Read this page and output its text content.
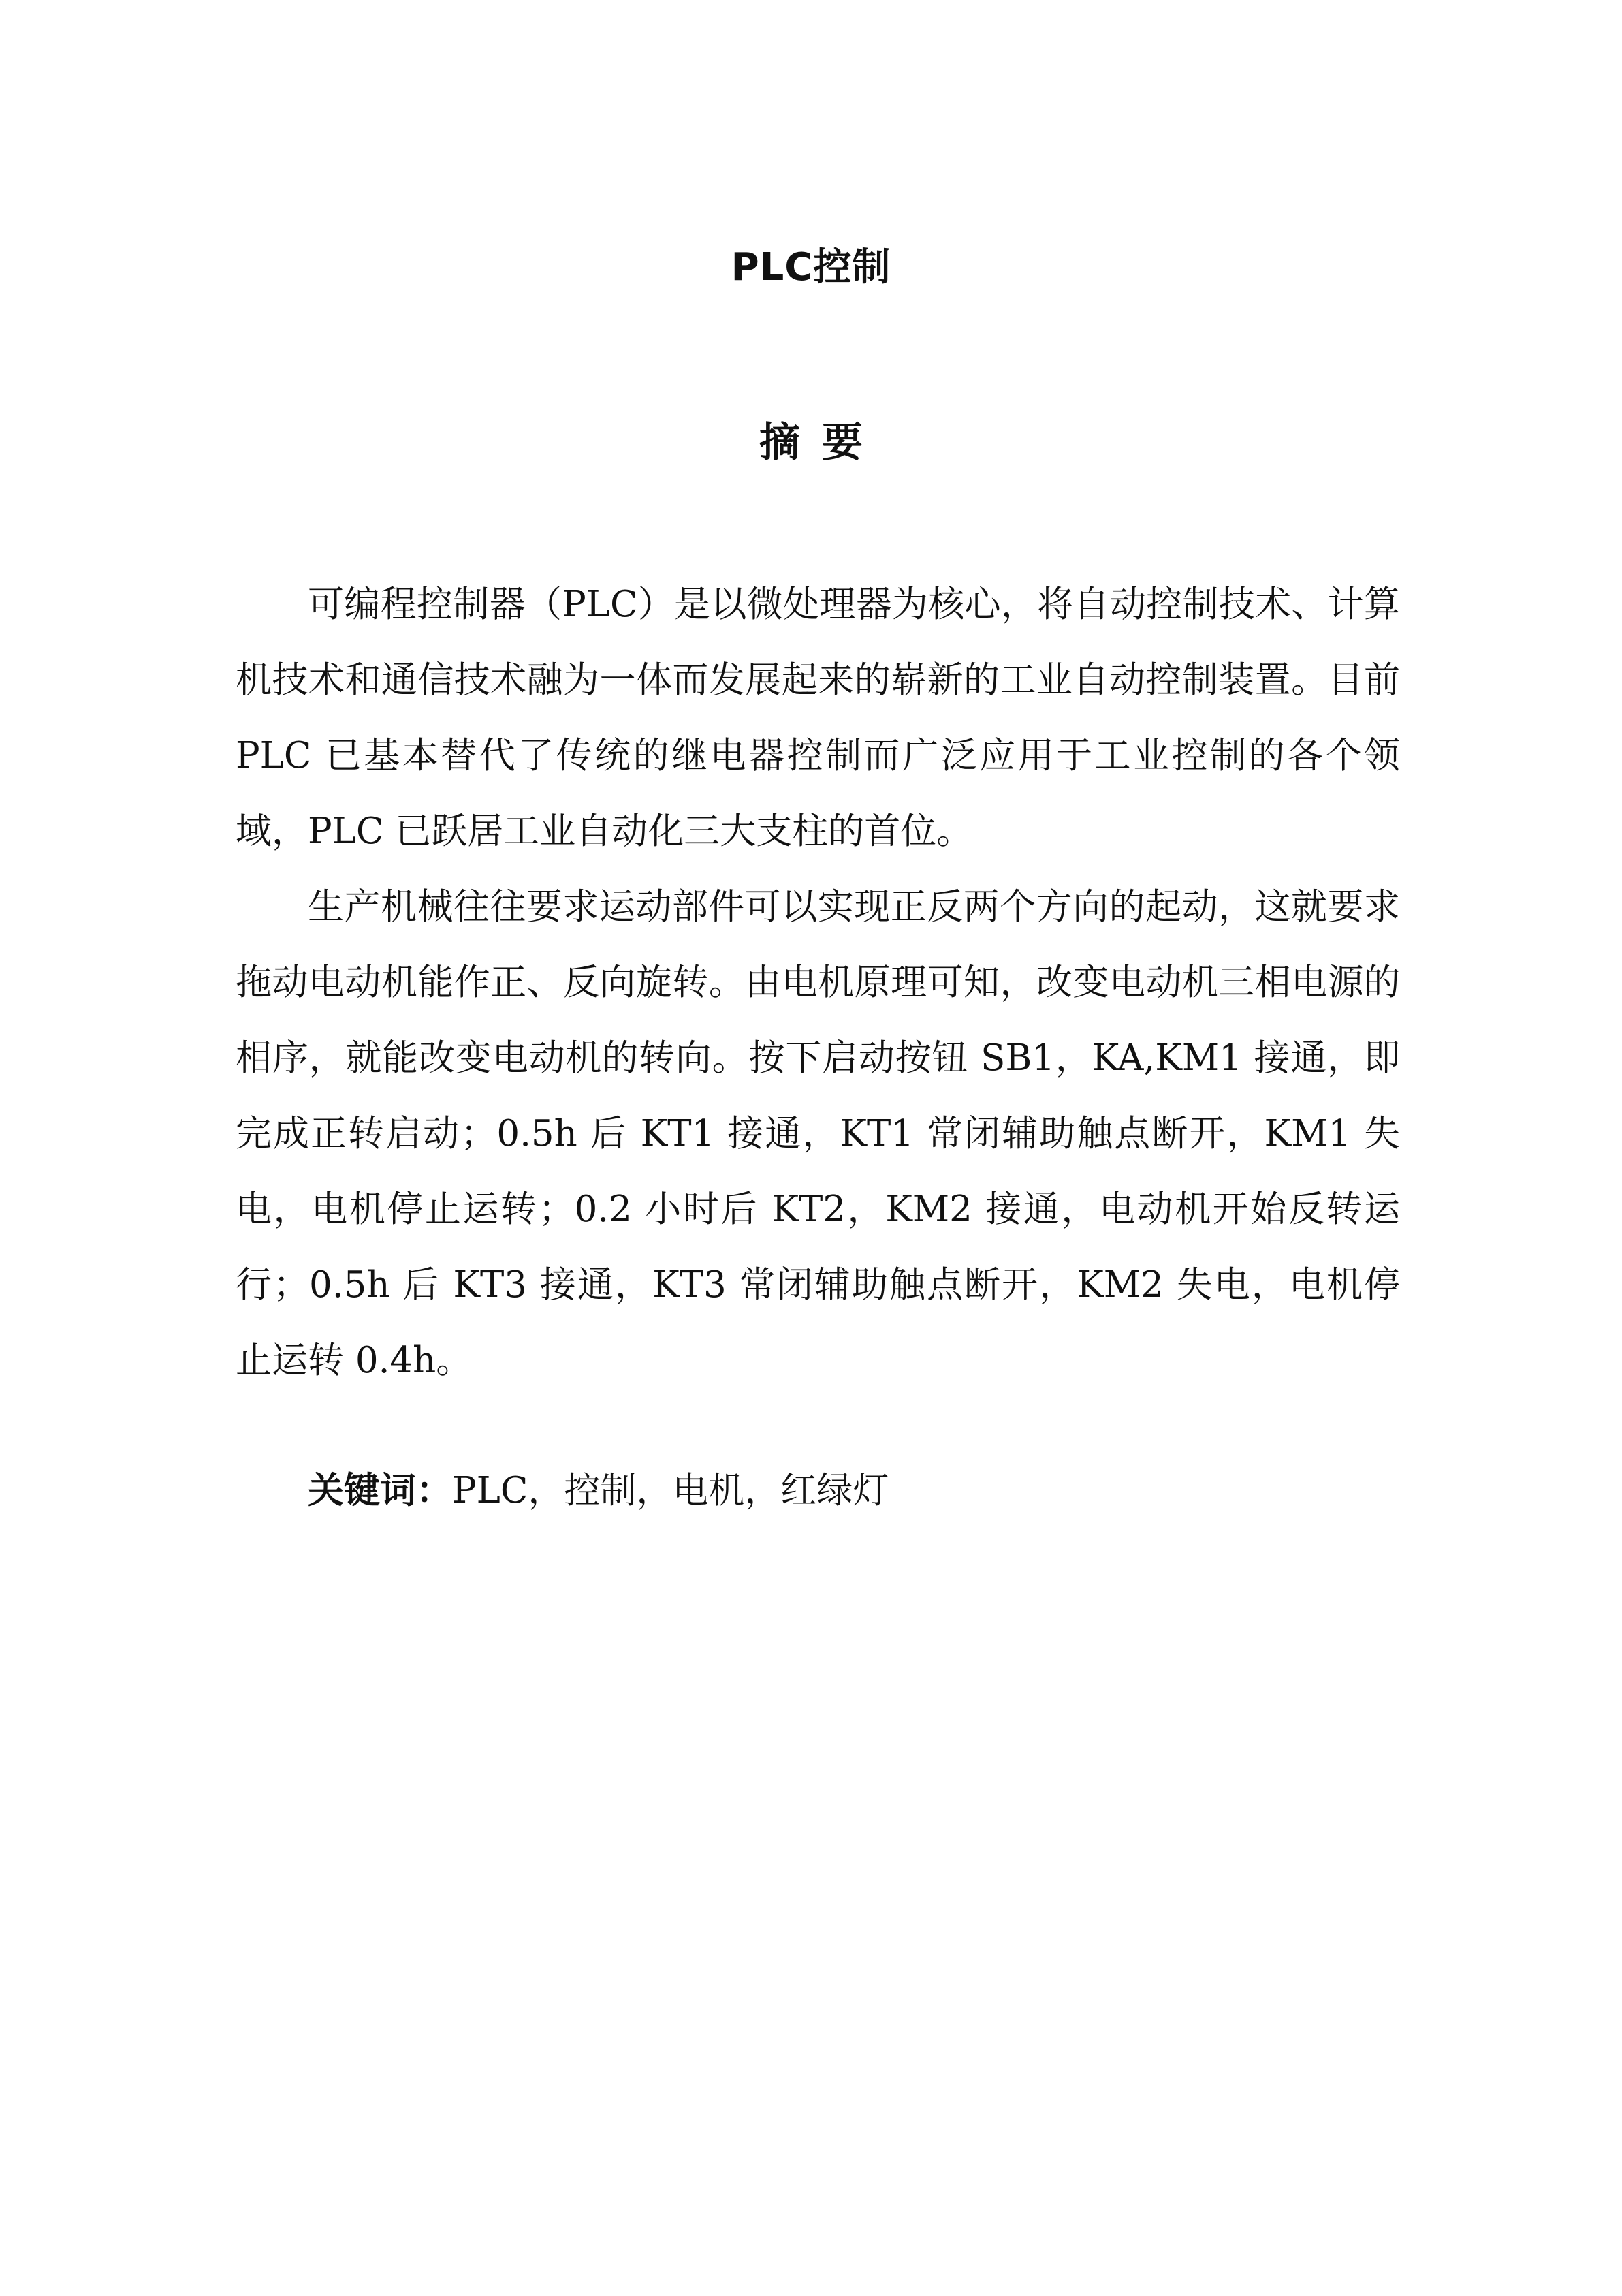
PLC控制
摘要

可编程控制器（PLC）是以微处理器为核心，将自动控制技术、计算机技术和通信技术融为一体而发展起来的崭新的工业自动控制装置。目前 PLC 已基本替代了传统的继电器控制而广泛应用于工业控制的各个领域，PLC 已跃居工业自动化三大支柱的首位。

生产机械往往要求运动部件可以实现正反两个方向的起动，这就要求拖动电动机能作正、反向旋转。由电机原理可知，改变电动机三相电源的相序，就能改变电动机的转向。按下启动按钮 SB1，KA,KM1 接通，即完成正转启动；0.5h 后 KT1 接通，KT1 常闭辅助触点断开，KM1 失电，电机停止运转；0.2 小时后 KT2，KM2 接通，电动机开始反转运行；0.5h 后 KT3 接通，KT3 常闭辅助触点断开，KM2 失电，电机停止运转 0.4h。

关键词：PLC，控制，电机，红绿灯
